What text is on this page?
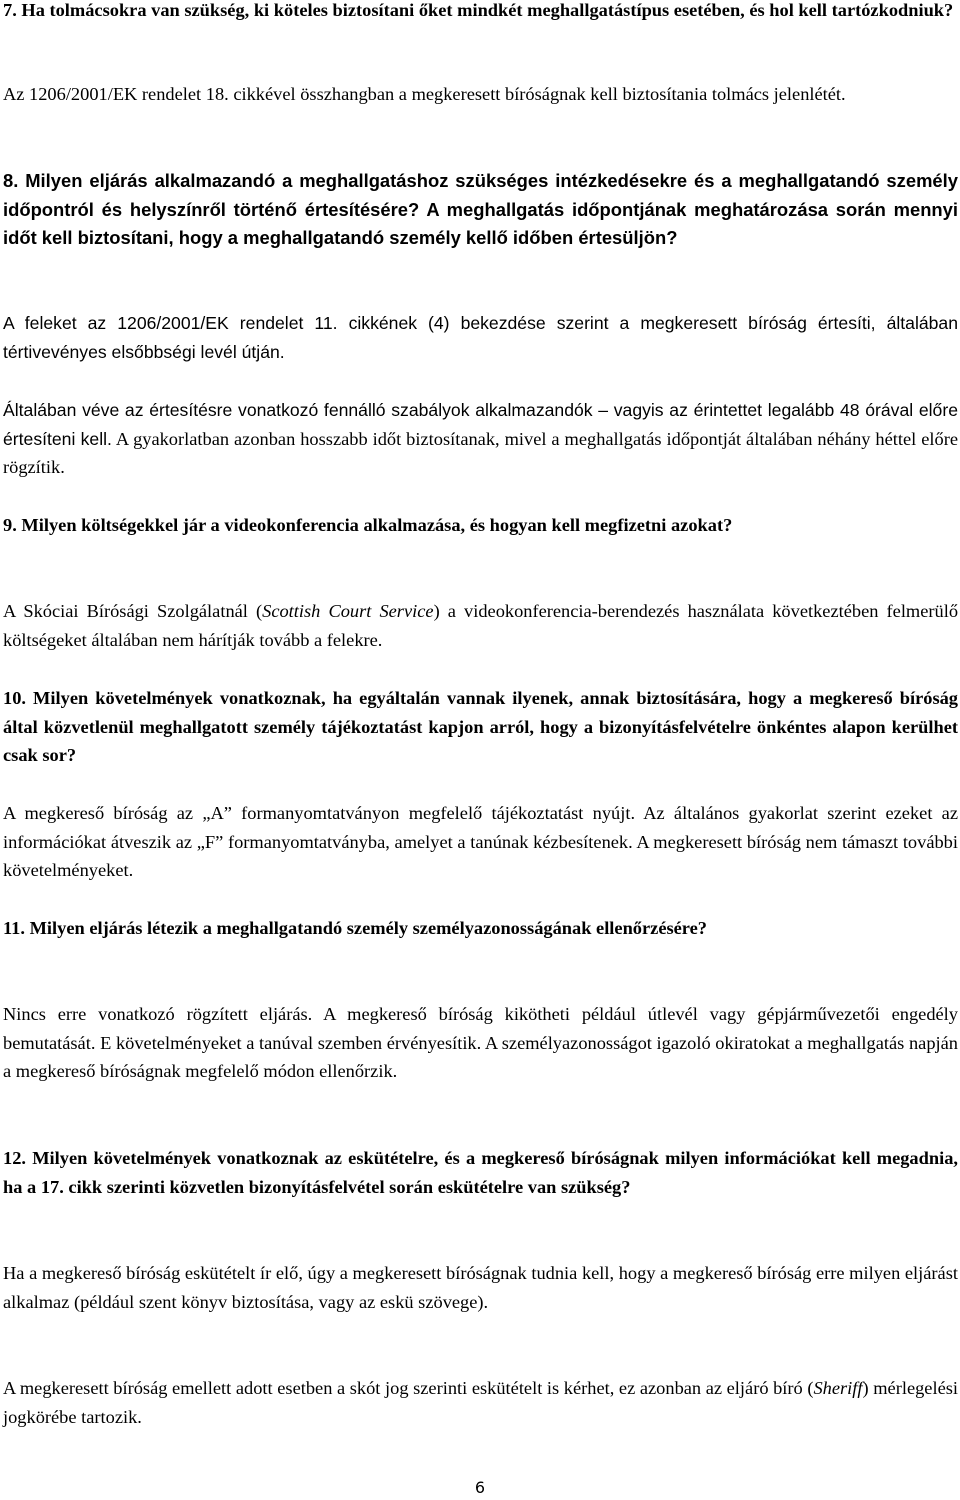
7. Ha tolmácsokra van szükség, ki köteles biztosítani őket mindkét meghallgatástípus esetében, és hol kell tartózkodniuk?

Az 1206/2001/EK rendelet 18. cikkével összhangban a megkeresett bíróságnak kell biztosítania tolmács jelenlétét.

8. Milyen eljárás alkalmazandó a meghallgatáshoz szükséges intézkedésekre és a meghallgatandó személy időpontról és helyszínről történő értesítésére? A meghallgatás időpontjának meghatározása során mennyi időt kell biztosítani, hogy a meghallgatandó személy kellő időben értesüljön?

A feleket az 1206/2001/EK rendelet 11. cikkének (4) bekezdése szerint a megkeresett bíróság értesíti, általában tértivevényes elsőbbségi levél útján.

Általában véve az értesítésre vonatkozó fennálló szabályok alkalmazandók – vagyis az érintettet legalább 48 órával előre értesíteni kell. A gyakorlatban azonban hosszabb időt biztosítanak, mivel a meghallgatás időpontját általában néhány héttel előre rögzítik.

9. Milyen költségekkel jár a videokonferencia alkalmazása, és hogyan kell megfizetni azokat?

A Skóciai Bírósági Szolgálatnál (Scottish Court Service) a videokonferencia-berendezés használata következtében felmerülő költségeket általában nem hárítják tovább a felekre.

10. Milyen követelmények vonatkoznak, ha egyáltalán vannak ilyenek, annak biztosítására, hogy a megkereső bíróság által közvetlenül meghallgatott személy tájékoztatást kapjon arról, hogy a bizonyításfelvételre önkéntes alapon kerülhet csak sor?

A megkereső bíróság az „A” formanyomtatványon megfelelő tájékoztatást nyújt. Az általános gyakorlat szerint ezeket az információkat átveszik az „F” formanyomtatványba, amelyet a tanúnak kézbesítenek. A megkeresett bíróság nem támaszt további követelményeket.

11. Milyen eljárás létezik a meghallgatandó személy személyazonosságának ellenőrzésére?

Nincs erre vonatkozó rögzített eljárás. A megkereső bíróság kikötheti például útlevél vagy gépjárművezetői engedély bemutatását. E követelményeket a tanúval szemben érvényesítik. A személyazonosságot igazoló okiratokat a meghallgatás napján a megkereső bíróságnak megfelelő módon ellenőrzik.

12. Milyen követelmények vonatkoznak az eskütételre, és a megkereső bíróságnak milyen információkat kell megadnia, ha a 17. cikk szerinti közvetlen bizonyításfelvétel során eskütételre van szükség?

Ha a megkereső bíróság eskütételt ír elő, úgy a megkeresett bíróságnak tudnia kell, hogy a megkereső bíróság erre milyen eljárást alkalmaz (például szent könyv biztosítása, vagy az eskü szövege).

A megkeresett bíróság emellett adott esetben a skót jog szerinti eskütételt is kérhet, ez azonban az eljáró bíró (Sheriff) mérlegelési jogkörébe tartozik.

6
